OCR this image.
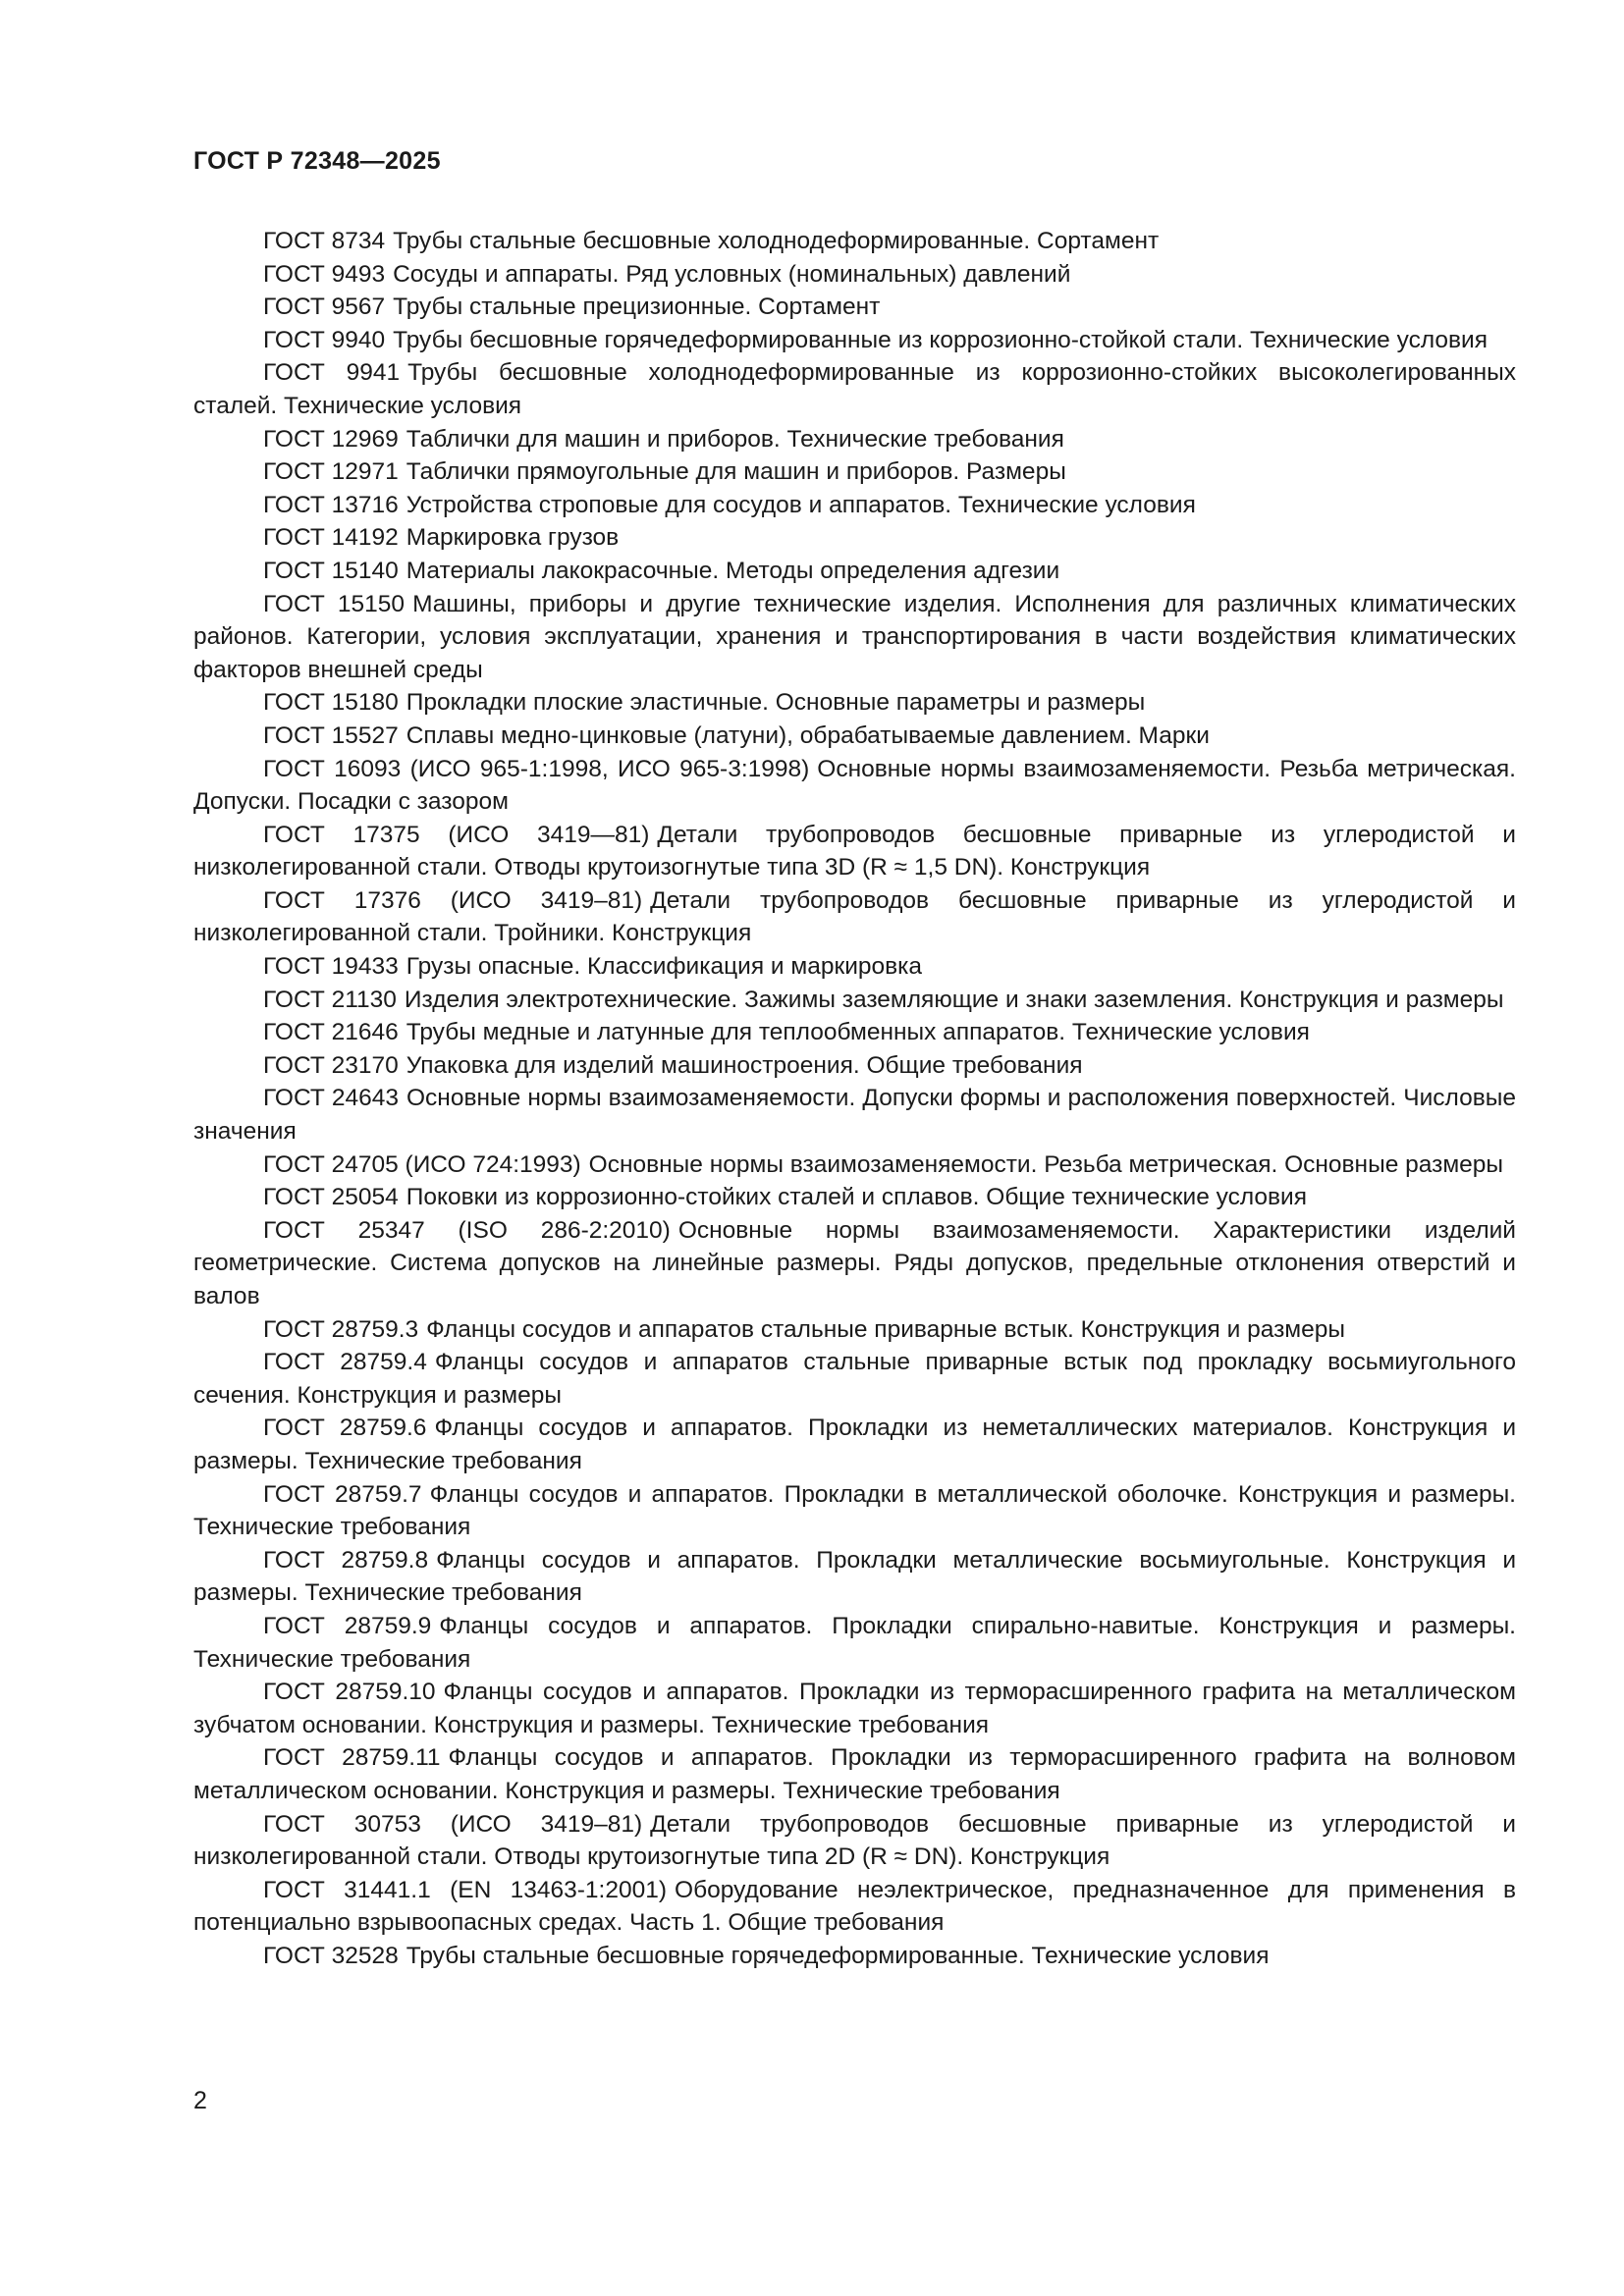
ГОСТ Р 72348—2025

ГОСТ 8734 Трубы стальные бесшовные холоднодеформированные. Сортамент

ГОСТ 9493 Сосуды и аппараты. Ряд условных (номинальных) давлений

ГОСТ 9567 Трубы стальные прецизионные. Сортамент

ГОСТ 9940 Трубы бесшовные горячедеформированные из коррозионно-стойкой стали. Технические условия

ГОСТ 9941 Трубы бесшовные холоднодеформированные из коррозионно-стойких высоколегированных сталей. Технические условия

ГОСТ 12969 Таблички для машин и приборов. Технические требования

ГОСТ 12971 Таблички прямоугольные для машин и приборов. Размеры

ГОСТ 13716 Устройства строповые для сосудов и аппаратов. Технические условия

ГОСТ 14192 Маркировка грузов

ГОСТ 15140 Материалы лакокрасочные. Методы определения адгезии

ГОСТ 15150 Машины, приборы и другие технические изделия. Исполнения для различных климатических районов. Категории, условия эксплуатации, хранения и транспортирования в части воздействия климатических факторов внешней среды

ГОСТ 15180 Прокладки плоские эластичные. Основные параметры и размеры

ГОСТ 15527 Сплавы медно-цинковые (латуни), обрабатываемые давлением. Марки

ГОСТ 16093 (ИСО 965-1:1998, ИСО 965-3:1998) Основные нормы взаимозаменяемости. Резьба метрическая. Допуски. Посадки с зазором

ГОСТ 17375 (ИСО 3419—81) Детали трубопроводов бесшовные приварные из углеродистой и низколегированной стали. Отводы крутоизогнутые типа 3D (R ≈ 1,5 DN). Конструкция

ГОСТ 17376 (ИСО 3419–81) Детали трубопроводов бесшовные приварные из углеродистой и низколегированной стали. Тройники. Конструкция

ГОСТ 19433 Грузы опасные. Классификация и маркировка

ГОСТ 21130 Изделия электротехнические. Зажимы заземляющие и знаки заземления. Конструкция и размеры

ГОСТ 21646 Трубы медные и латунные для теплообменных аппаратов. Технические условия

ГОСТ 23170 Упаковка для изделий машиностроения. Общие требования

ГОСТ 24643 Основные нормы взаимозаменяемости. Допуски формы и расположения поверхностей. Числовые значения

ГОСТ 24705 (ИСО 724:1993) Основные нормы взаимозаменяемости. Резьба метрическая. Основные размеры

ГОСТ 25054 Поковки из коррозионно-стойких сталей и сплавов. Общие технические условия

ГОСТ 25347 (ISO 286-2:2010) Основные нормы взаимозаменяемости. Характеристики изделий геометрические. Система допусков на линейные размеры. Ряды допусков, предельные отклонения отверстий и валов

ГОСТ 28759.3 Фланцы сосудов и аппаратов стальные приварные встык. Конструкция и размеры

ГОСТ 28759.4 Фланцы сосудов и аппаратов стальные приварные встык под прокладку восьмиугольного сечения. Конструкция и размеры

ГОСТ 28759.6 Фланцы сосудов и аппаратов. Прокладки из неметаллических материалов. Конструкция и размеры. Технические требования

ГОСТ 28759.7 Фланцы сосудов и аппаратов. Прокладки в металлической оболочке. Конструкция и размеры. Технические требования

ГОСТ 28759.8 Фланцы сосудов и аппаратов. Прокладки металлические восьмиугольные. Конструкция и размеры. Технические требования

ГОСТ 28759.9 Фланцы сосудов и аппаратов. Прокладки спирально-навитые. Конструкция и размеры. Технические требования

ГОСТ 28759.10 Фланцы сосудов и аппаратов. Прокладки из терморасширенного графита на металлическом зубчатом основании. Конструкция и размеры. Технические требования

ГОСТ 28759.11 Фланцы сосудов и аппаратов. Прокладки из терморасширенного графита на волновом металлическом основании. Конструкция и размеры. Технические требования

ГОСТ 30753 (ИСО 3419–81) Детали трубопроводов бесшовные приварные из углеродистой и низколегированной стали. Отводы крутоизогнутые типа 2D (R ≈ DN). Конструкция

ГОСТ 31441.1 (EN 13463-1:2001) Оборудование неэлектрическое, предназначенное для применения в потенциально взрывоопасных средах. Часть 1. Общие требования

ГОСТ 32528 Трубы стальные бесшовные горячедеформированные. Технические условия

2
